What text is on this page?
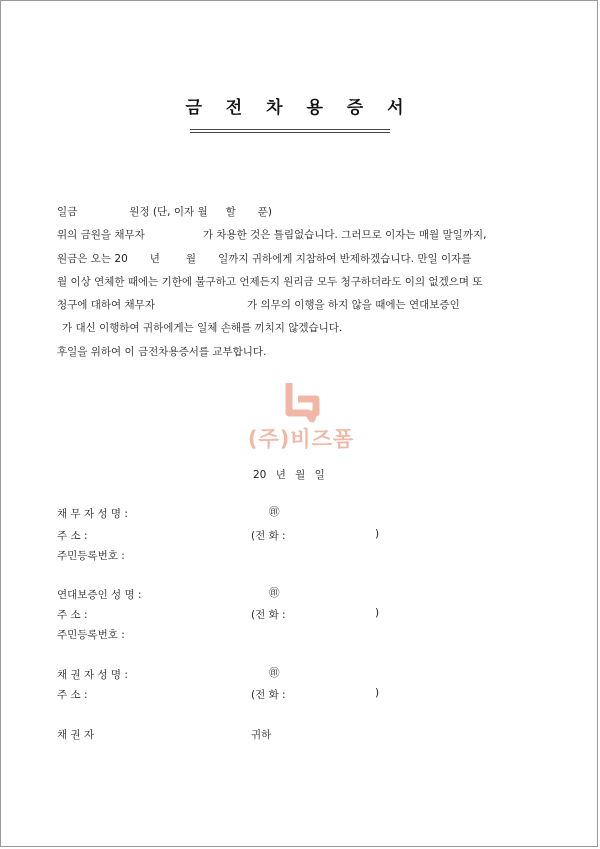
금 전 차 용 증 서
일금	원정 (단, 이자 월 할 푼)
위의 금원을 채무자	가 차용한 것은 틀림없습니다. 그러므로 이자는 매월 말일까지,
원금은 오는 20 년 월 일까지 귀하에게 지참하여 반제하겠습니다. 만일 이자를
월 이상 연체한 때에는 기한에 불구하고 언제든지 원리금 모두 청구하더라도 이의 없겠으며 또
청구에 대하여 채무자	가 의무의 이행을 하지 않을 때에는 연대보증인
가 대신 이행하여 귀하에게는 일체 손해를 끼치지 않겠습니다.
후일을 위하여 이 금전차용증서를 교부합니다.
(주)비즈폼
20 년 월 일
채 무 자 성 명 :	㊞
주 소 :	(전 화 :	)
주민등록번호 :
연대보증인 성 명 :	㊞
주 소 :	(전 화 :	)
주민등록번호 :
채 권 자 성 명 :	㊞
주 소 :	(전 화 :	)
채 권 자	귀하
